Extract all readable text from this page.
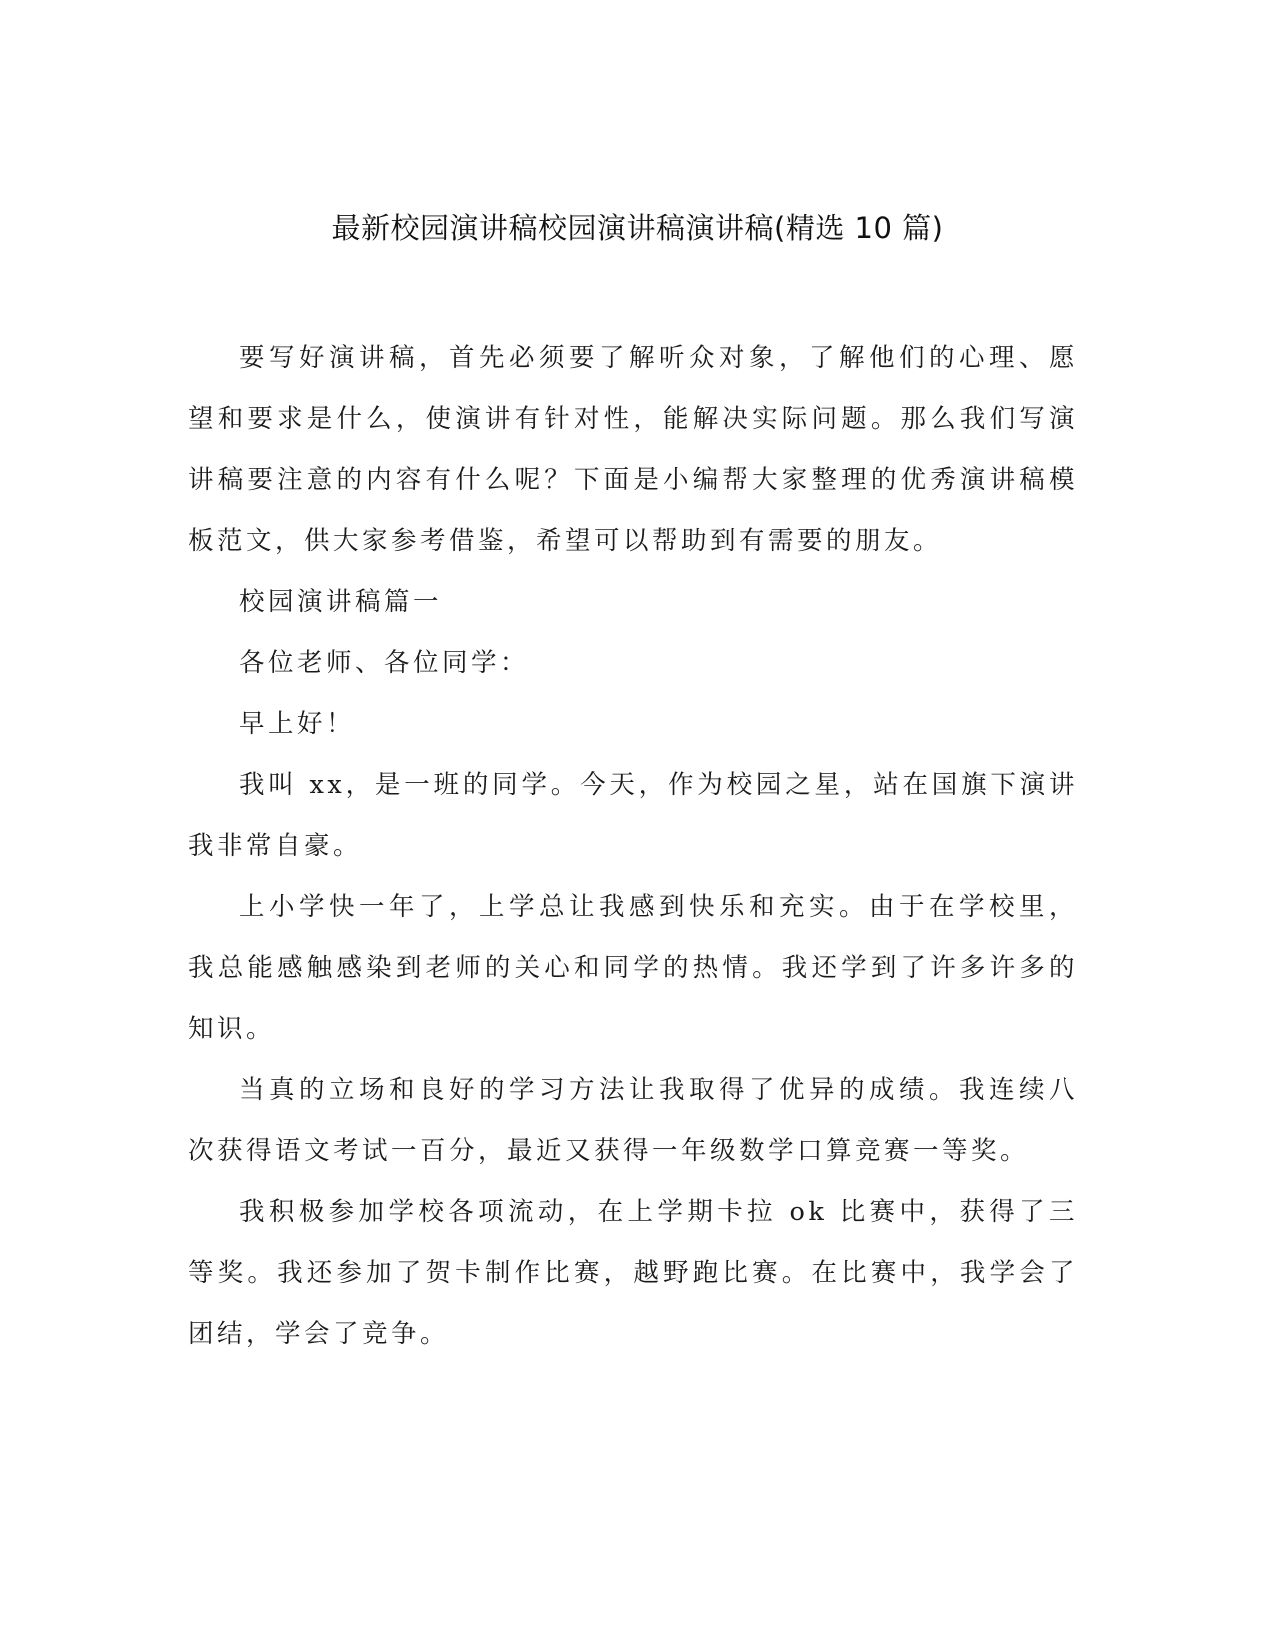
最新校园演讲稿校园演讲稿演讲稿(精选 10 篇)

要写好演讲稿，首先必须要了解听众对象，了解他们的心理、愿望和要求是什么，使演讲有针对性，能解决实际问题。那么我们写演讲稿要注意的内容有什么呢？下面是小编帮大家整理的优秀演讲稿模板范文，供大家参考借鉴，希望可以帮助到有需要的朋友。

校园演讲稿篇一

各位老师、各位同学：

早上好！

我叫 xx，是一班的同学。今天，作为校园之星，站在国旗下演讲我非常自豪。

上小学快一年了，上学总让我感到快乐和充实。由于在学校里，我总能感触感染到老师的关心和同学的热情。我还学到了许多许多的知识。

当真的立场和良好的学习方法让我取得了优异的成绩。我连续八次获得语文考试一百分，最近又获得一年级数学口算竞赛一等奖。

我积极参加学校各项流动，在上学期卡拉 ok 比赛中，获得了三等奖。我还参加了贺卡制作比赛，越野跑比赛。在比赛中，我学会了团结，学会了竞争。
